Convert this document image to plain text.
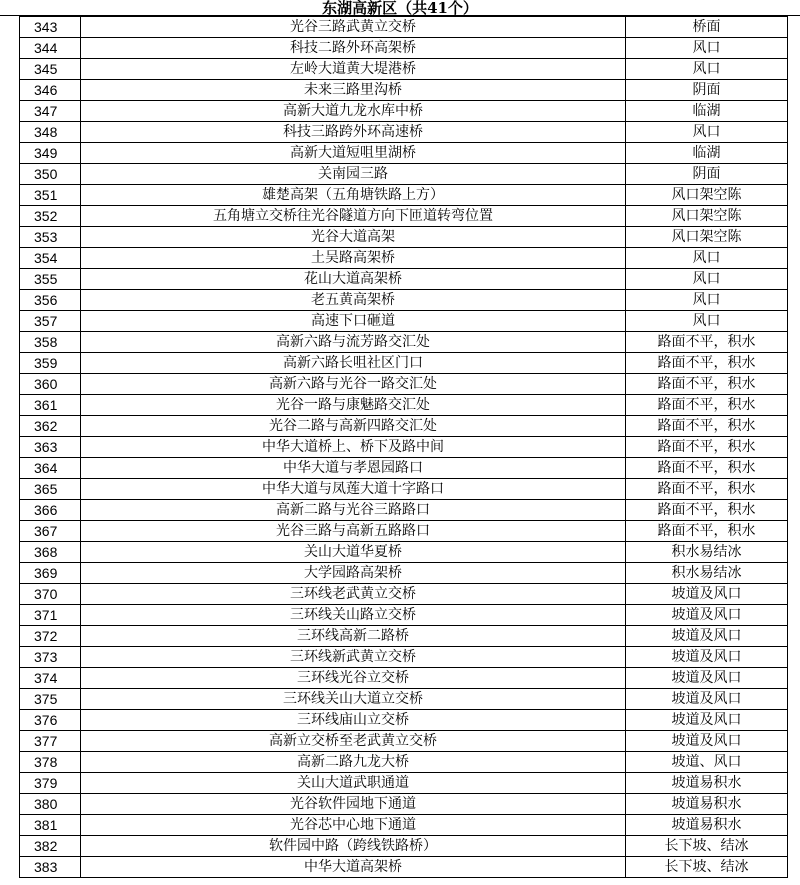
东湖高新区（共41个）
343	光谷三路武黄立交桥	桥面
344	科技二路外环高架桥	风口
345	左岭大道黄大堤港桥	风口
346	未来三路里沟桥	阴面
347	高新大道九龙水库中桥	临湖
348	科技三路跨外环高速桥	风口
349	高新大道短咀里湖桥	临湖
350	关南园三路	阴面
351	雄楚高架（五角塘铁路上方）	风口架空陈
352	五角塘立交桥往光谷隧道方向下匝道转弯位置	风口架空陈
353	光谷大道高架	风口架空陈
354	土吴路高架桥	风口
355	花山大道高架桥	风口
356	老五黄高架桥	风口
357	高速下口砸道	风口
358	高新六路与流芳路交汇处	路面不平，积水
359	高新六路长咀社区门口	路面不平，积水
360	高新六路与光谷一路交汇处	路面不平，积水
361	光谷一路与康魅路交汇处	路面不平，积水
362	光谷二路与高新四路交汇处	路面不平，积水
363	中华大道桥上、桥下及路中间	路面不平，积水
364	中华大道与孝恩园路口	路面不平，积水
365	中华大道与凤莲大道十字路口	路面不平，积水
366	高新二路与光谷三路路口	路面不平，积水
367	光谷三路与高新五路路口	路面不平，积水
368	关山大道华夏桥	积水易结冰
369	大学园路高架桥	积水易结冰
370	三环线老武黄立交桥	坡道及风口
371	三环线关山路立交桥	坡道及风口
372	三环线高新二路桥	坡道及风口
373	三环线新武黄立交桥	坡道及风口
374	三环线光谷立交桥	坡道及风口
375	三环线关山大道立交桥	坡道及风口
376	三环线庙山立交桥	坡道及风口
377	高新立交桥至老武黄立交桥	坡道及风口
378	高新二路九龙大桥	坡道、风口
379	关山大道武职通道	坡道易积水
380	光谷软件园地下通道	坡道易积水
381	光谷芯中心地下通道	坡道易积水
382	软件园中路（跨线铁路桥）	长下坡、结冰
383	中华大道高架桥	长下坡、结冰
